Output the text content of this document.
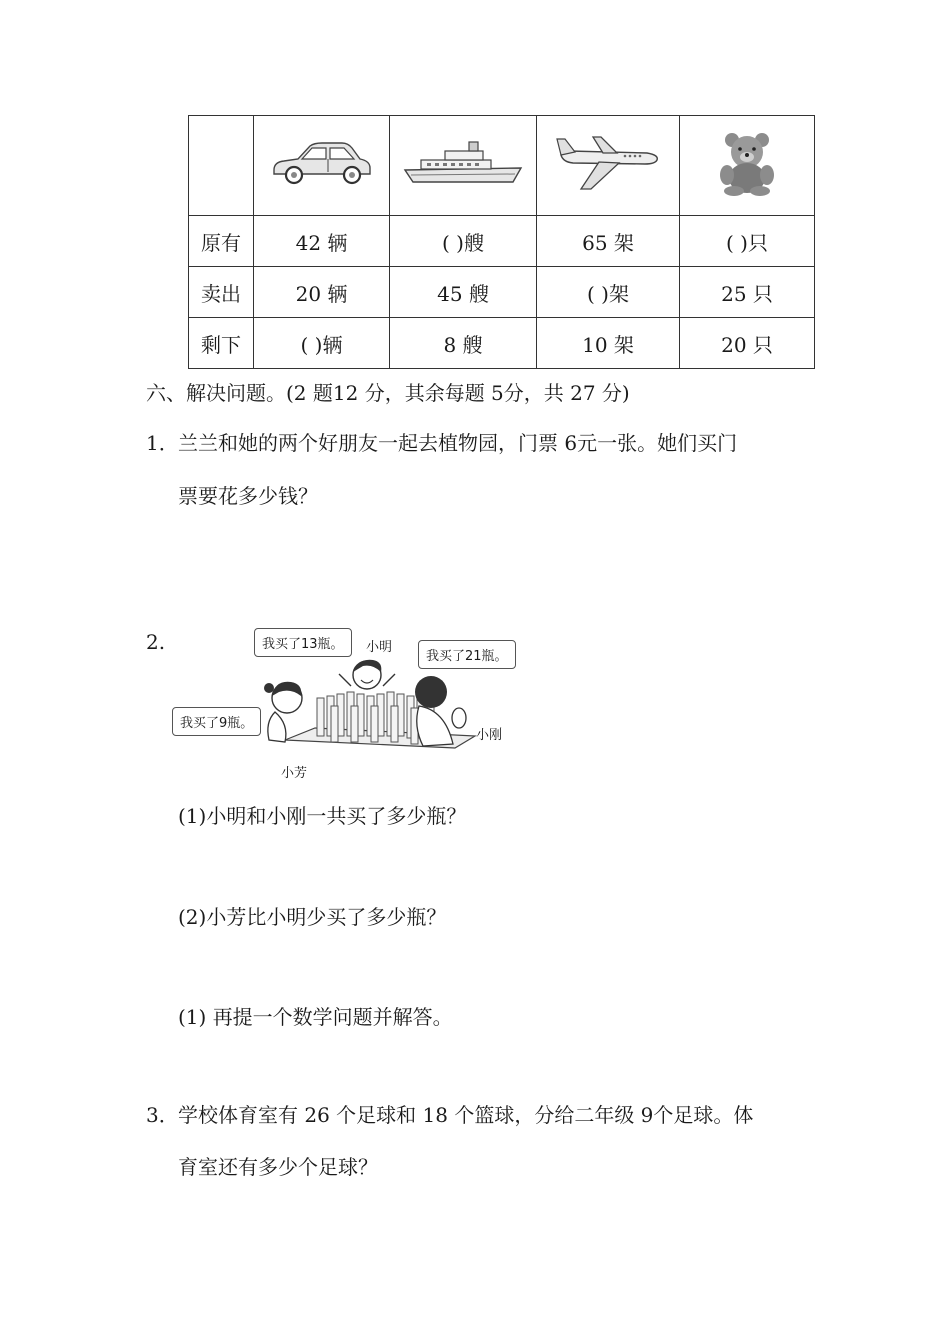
原有	42 辆	( )艘	65 架	( )只
卖出	20 辆	45 艘	( )架	25 只
剩下	( )辆	8 艘	10 架	20 只
六、解决问题。(2 题12 分，其余每题 5分，共 27 分)
1． 兰兰和她的两个好朋友一起去植物园，门票 6元一张。她们买门
票要花多少钱？
2.	我买了13瓶。
我买了21瓶。
我买了9瓶。
小明
小刚
小芳
(1)小明和小刚一共买了多少瓶？
(2)小芳比小明少买了多少瓶？
(1) 再提一个数学问题并解答。
3． 学校体育室有 26 个足球和 18 个篮球，分给二年级 9个足球。体
育室还有多少个足球？
